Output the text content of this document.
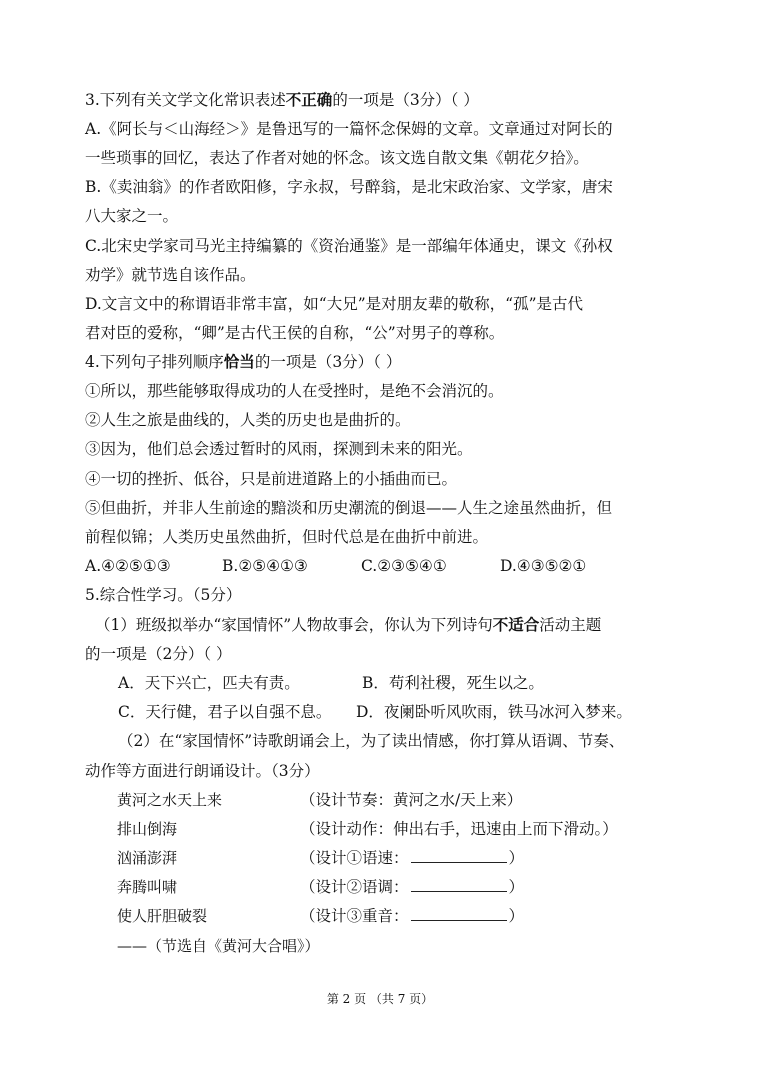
3.下列有关文学文化常识表述不正确的一项是（3分）（ ）
A.《阿长与＜山海经＞》是鲁迅写的一篇怀念保姆的文章。文章通过对阿长的
一些琐事的回忆，表达了作者对她的怀念。该文选自散文集《朝花夕拾》。
B.《卖油翁》的作者欧阳修，字永叔，号醉翁，是北宋政治家、文学家，唐宋
八大家之一。
C.北宋史学家司马光主持编纂的《资治通鉴》是一部编年体通史，课文《孙权
劝学》就节选自该作品。
D.文言文中的称谓语非常丰富，如“大兄”是对朋友辈的敬称，“孤”是古代
君对臣的爱称，“卿”是古代王侯的自称，“公”对男子的尊称。
4.下列句子排列顺序恰当的一项是（3分）（ ）
①所以，那些能够取得成功的人在受挫时，是绝不会消沉的。
②人生之旅是曲线的，人类的历史也是曲折的。
③因为，他们总会透过暂时的风雨，探测到未来的阳光。
④一切的挫折、低谷，只是前进道路上的小插曲而已。
⑤但曲折，并非人生前途的黯淡和历史潮流的倒退——人生之途虽然曲折，但
前程似锦；人类历史虽然曲折，但时代总是在曲折中前进。
A.④②⑤①③	B.②⑤④①③	C.②③⑤④①	D.④③⑤②①
5.综合性学习。（5分）
（1）班级拟举办“家国情怀”人物故事会，你认为下列诗句不适合活动主题
的一项是（2分）（ ）
A．天下兴亡，匹夫有责。	B．苟利社稷，死生以之。
C．天行健，君子以自强不息。 D．夜阑卧听风吹雨，铁马冰河入梦来。
（2）在“家国情怀”诗歌朗诵会上，为了读出情感，你打算从语调、节奏、
动作等方面进行朗诵设计。（3分）
黄河之水天上来	（设计节奏：黄河之水/天上来）
排山倒海	（设计动作：伸出右手，迅速由上而下滑动。）
汹涌澎湃	（设计①语速：	）
奔腾叫啸	（设计②语调：	）
使人肝胆破裂	（设计③重音：	）
——（节选自《黄河大合唱》）
第 2 页 （共 7 页）
